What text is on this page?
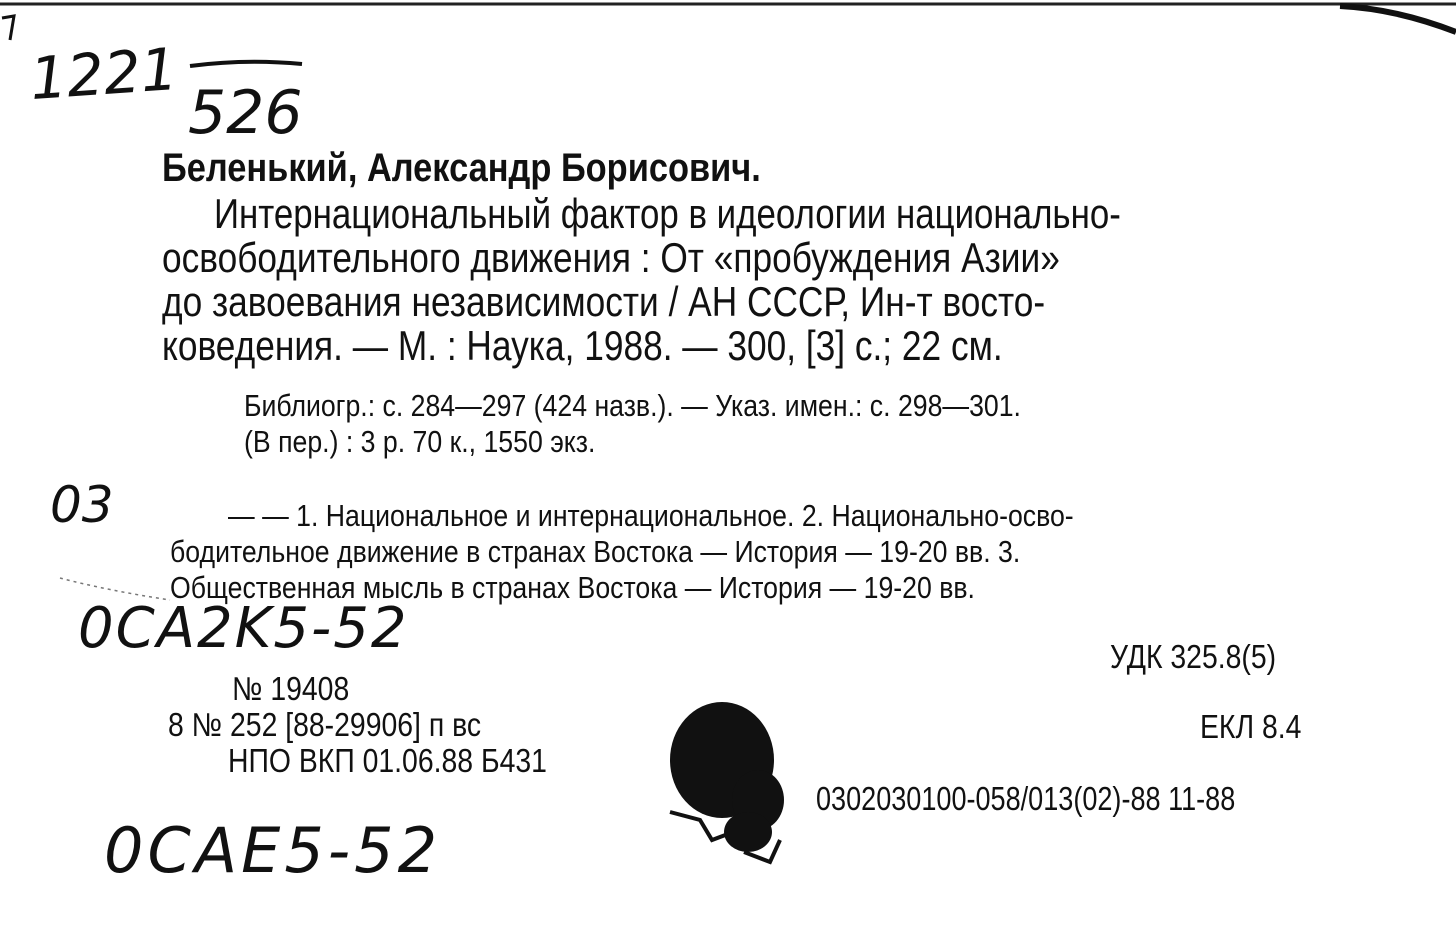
1221 526
03
0CA2K5-52
0CAE5-52
Беленький, Александр Борисович.
Интернациональный фактор в идеологии национально-
освободительного движения : От «пробуждения Азии»
до завоевания независимости / АН СССР, Ин-т восто-
коведения. — М. : Наука, 1988. — 300, [3] с.; 22 см.
Библиогр.: с. 284—297 (424 назв.). — Указ. имен.: с. 298—301.
(В пер.) : 3 р. 70 к., 1550 экз.
— — 1. Национальное и интернациональное. 2. Национально-осво-
бодительное движение в странах Востока — История — 19-20 вв. 3.
Общественная мысль в странах Востока — История — 19-20 вв.
№ 19408
8 № 252 [88-29906] п вс
НПО ВКП 01.06.88 Б431
УДК 325.8(5)
ЕКЛ 8.4
0302030100-058/013(02)-88 11-88
